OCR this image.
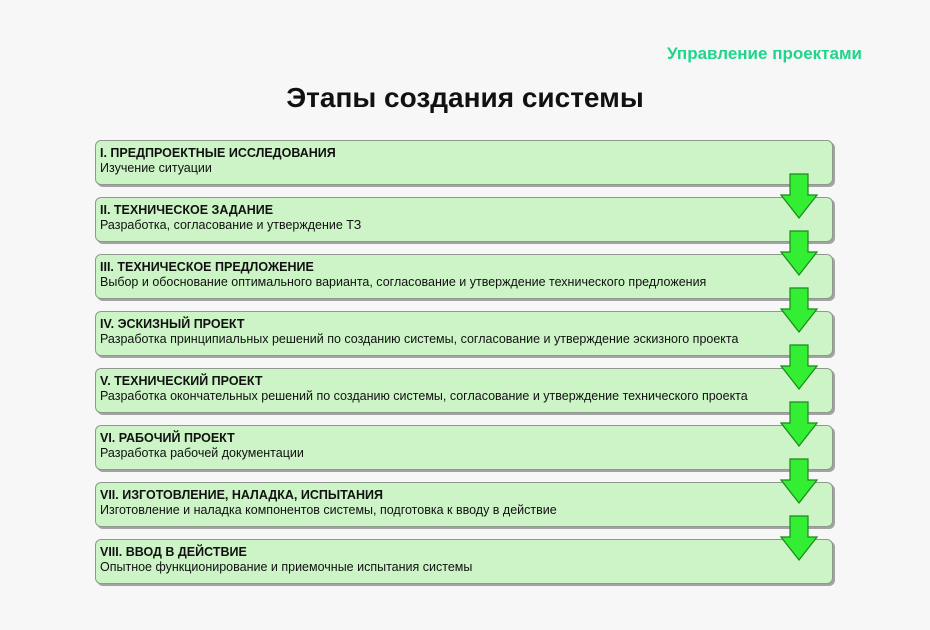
Управление проектами
Этапы создания системы
I. ПРЕДПРОЕКТНЫЕ ИССЛЕДОВАНИЯ
Изучение ситуации
II. ТЕХНИЧЕСКОЕ ЗАДАНИЕ
Разработка, согласование и утверждение ТЗ
III. ТЕХНИЧЕСКОЕ ПРЕДЛОЖЕНИЕ
Выбор и обоснование оптимального варианта, согласование и утверждение технического предложения
IV. ЭСКИЗНЫЙ ПРОЕКТ
Разработка принципиальных решений по созданию системы, согласование и утверждение эскизного проекта
V. ТЕХНИЧЕСКИЙ ПРОЕКТ
Разработка окончательных решений по созданию системы, согласование и утверждение технического проекта
VI. РАБОЧИЙ ПРОЕКТ
Разработка рабочей документации
VII. ИЗГОТОВЛЕНИЕ, НАЛАДКА, ИСПЫТАНИЯ
Изготовление и наладка компонентов системы, подготовка к вводу в действие
VIII. ВВОД В ДЕЙСТВИЕ
Опытное функционирование и приемочные испытания системы
